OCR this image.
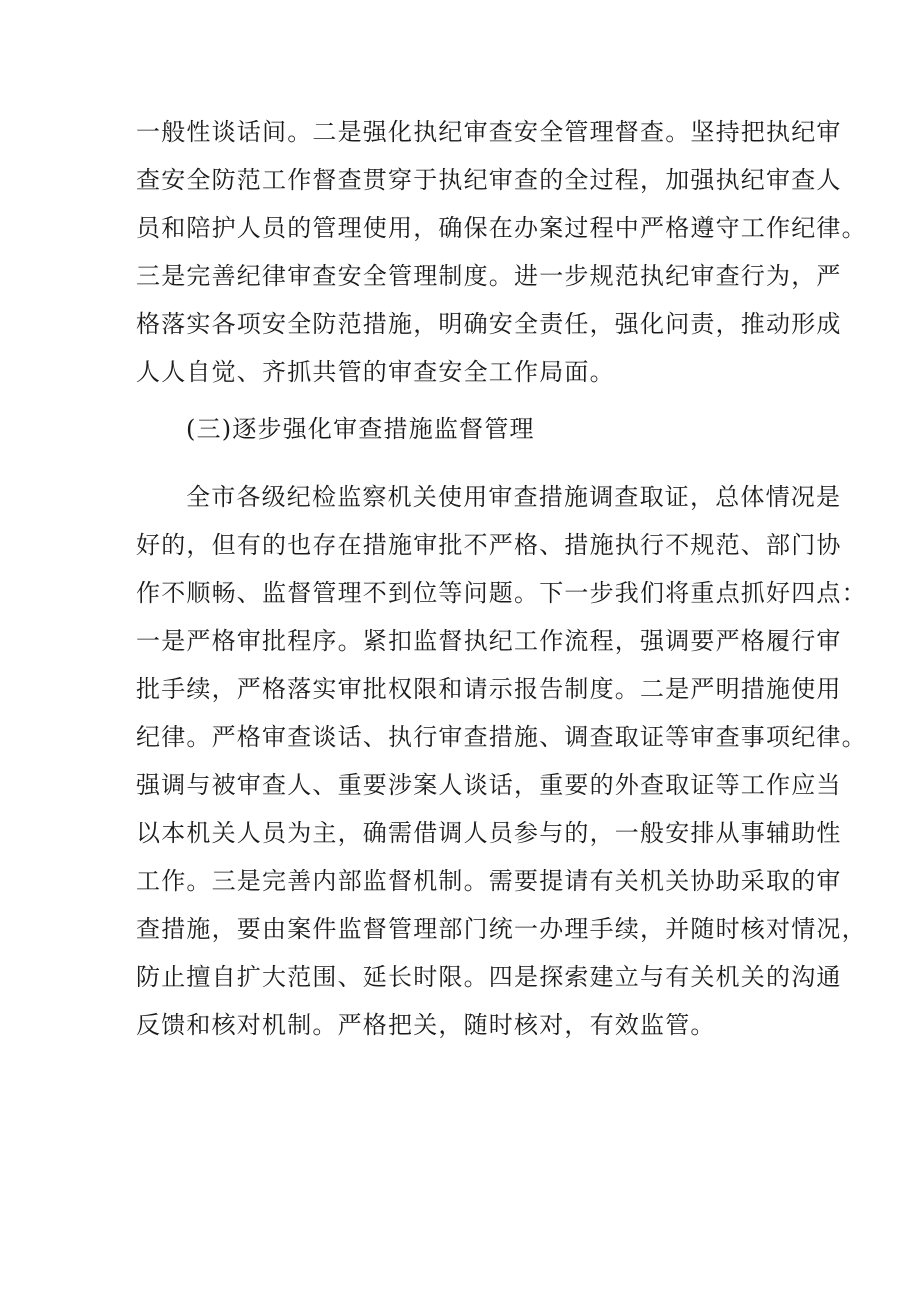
一般性谈话间。二是强化执纪审查安全管理督查。坚持把执纪审
查安全防范工作督查贯穿于执纪审查的全过程，加强执纪审查人
员和陪护人员的管理使用，确保在办案过程中严格遵守工作纪律。
三是完善纪律审查安全管理制度。进一步规范执纪审查行为，严
格落实各项安全防范措施，明确安全责任，强化问责，推动形成
人人自觉、齐抓共管的审查安全工作局面。
(三)逐步强化审查措施监督管理
全市各级纪检监察机关使用审查措施调查取证，总体情况是
好的，但有的也存在措施审批不严格、措施执行不规范、部门协
作不顺畅、监督管理不到位等问题。下一步我们将重点抓好四点：
一是严格审批程序。紧扣监督执纪工作流程，强调要严格履行审
批手续，严格落实审批权限和请示报告制度。二是严明措施使用
纪律。严格审查谈话、执行审查措施、调查取证等审查事项纪律。
强调与被审查人、重要涉案人谈话，重要的外查取证等工作应当
以本机关人员为主，确需借调人员参与的，一般安排从事辅助性
工作。三是完善内部监督机制。需要提请有关机关协助采取的审
查措施，要由案件监督管理部门统一办理手续，并随时核对情况，
防止擅自扩大范围、延长时限。四是探索建立与有关机关的沟通
反馈和核对机制。严格把关，随时核对，有效监管。
